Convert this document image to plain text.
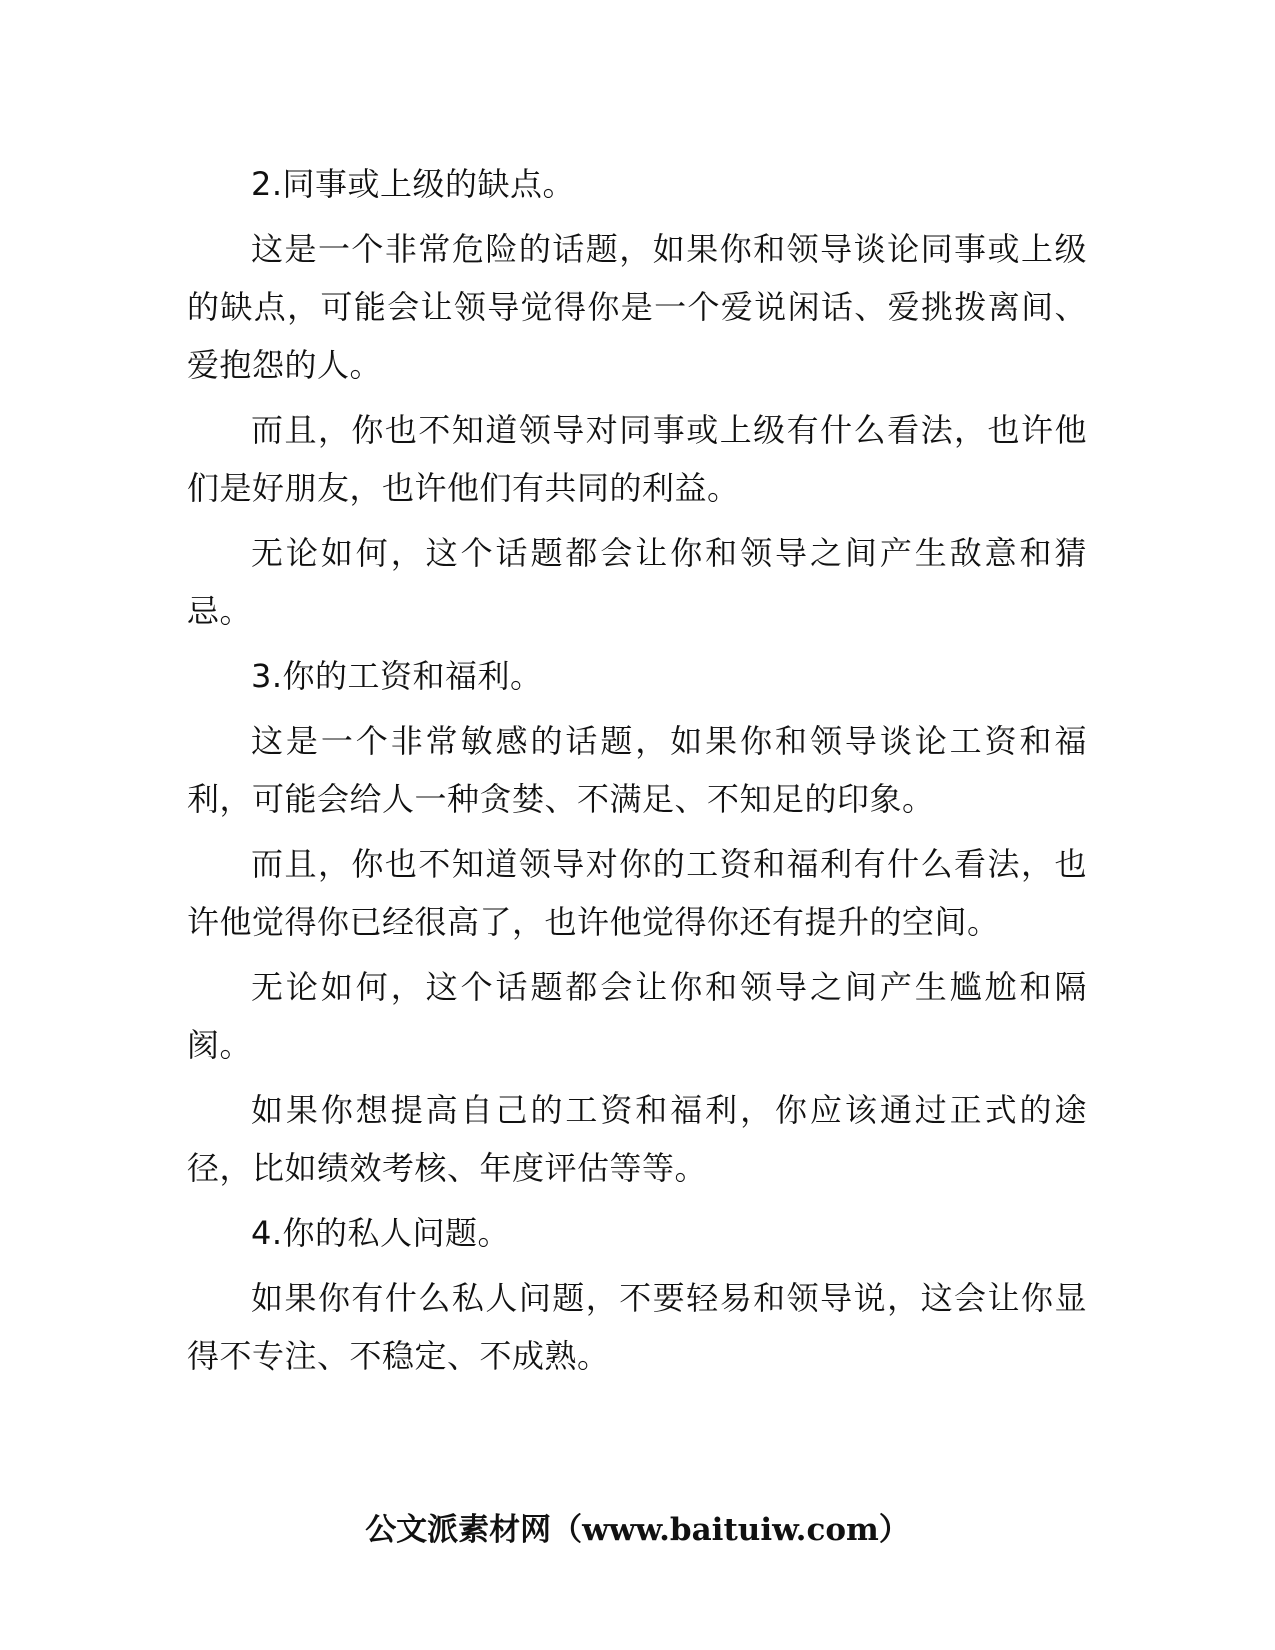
2.同事或上级的缺点。

这是一个非常危险的话题，如果你和领导谈论同事或上级的缺点，可能会让领导觉得你是一个爱说闲话、爱挑拨离间、爱抱怨的人。

而且，你也不知道领导对同事或上级有什么看法，也许他们是好朋友，也许他们有共同的利益。

无论如何，这个话题都会让你和领导之间产生敌意和猜忌。

3.你的工资和福利。

这是一个非常敏感的话题，如果你和领导谈论工资和福利，可能会给人一种贪婪、不满足、不知足的印象。

而且，你也不知道领导对你的工资和福利有什么看法，也许他觉得你已经很高了，也许他觉得你还有提升的空间。

无论如何，这个话题都会让你和领导之间产生尴尬和隔阂。

如果你想提高自己的工资和福利，你应该通过正式的途径，比如绩效考核、年度评估等等。

4.你的私人问题。

如果你有什么私人问题，不要轻易和领导说，这会让你显得不专注、不稳定、不成熟。

公文派素材网（www.baituiw.com）
